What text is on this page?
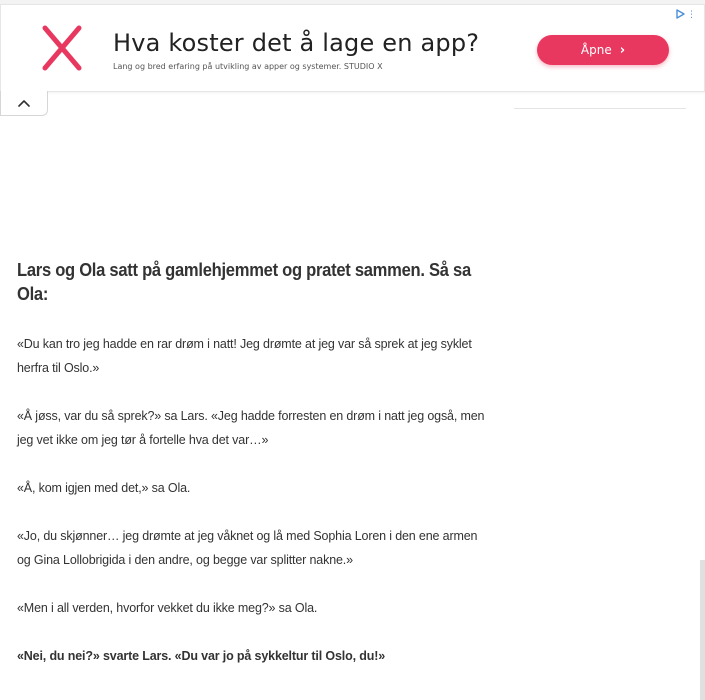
Hva koster det å lage en app?
Lang og bred erfaring på utvikling av apper og systemer. STUDIO X
Åpne ›
⋮
Lars og Ola satt på gamlehjemmet og pratet sammen. Så sa Ola:

«Du kan tro jeg hadde en rar drøm i natt! Jeg drømte at jeg var så sprek at jeg syklet herfra til Oslo.»

«Å jøss, var du så sprek?» sa Lars. «Jeg hadde forresten en drøm i natt jeg også, men jeg vet ikke om jeg tør å fortelle hva det var…»

«Å, kom igjen med det,» sa Ola.

«Jo, du skjønner… jeg drømte at jeg våknet og lå med Sophia Loren i den ene armen og Gina Lollobrigida i den andre, og begge var splitter nakne.»

«Men i all verden, hvorfor vekket du ikke meg?» sa Ola.

«Nei, du nei?» svarte Lars. «Du var jo på sykkeltur til Oslo, du!»
